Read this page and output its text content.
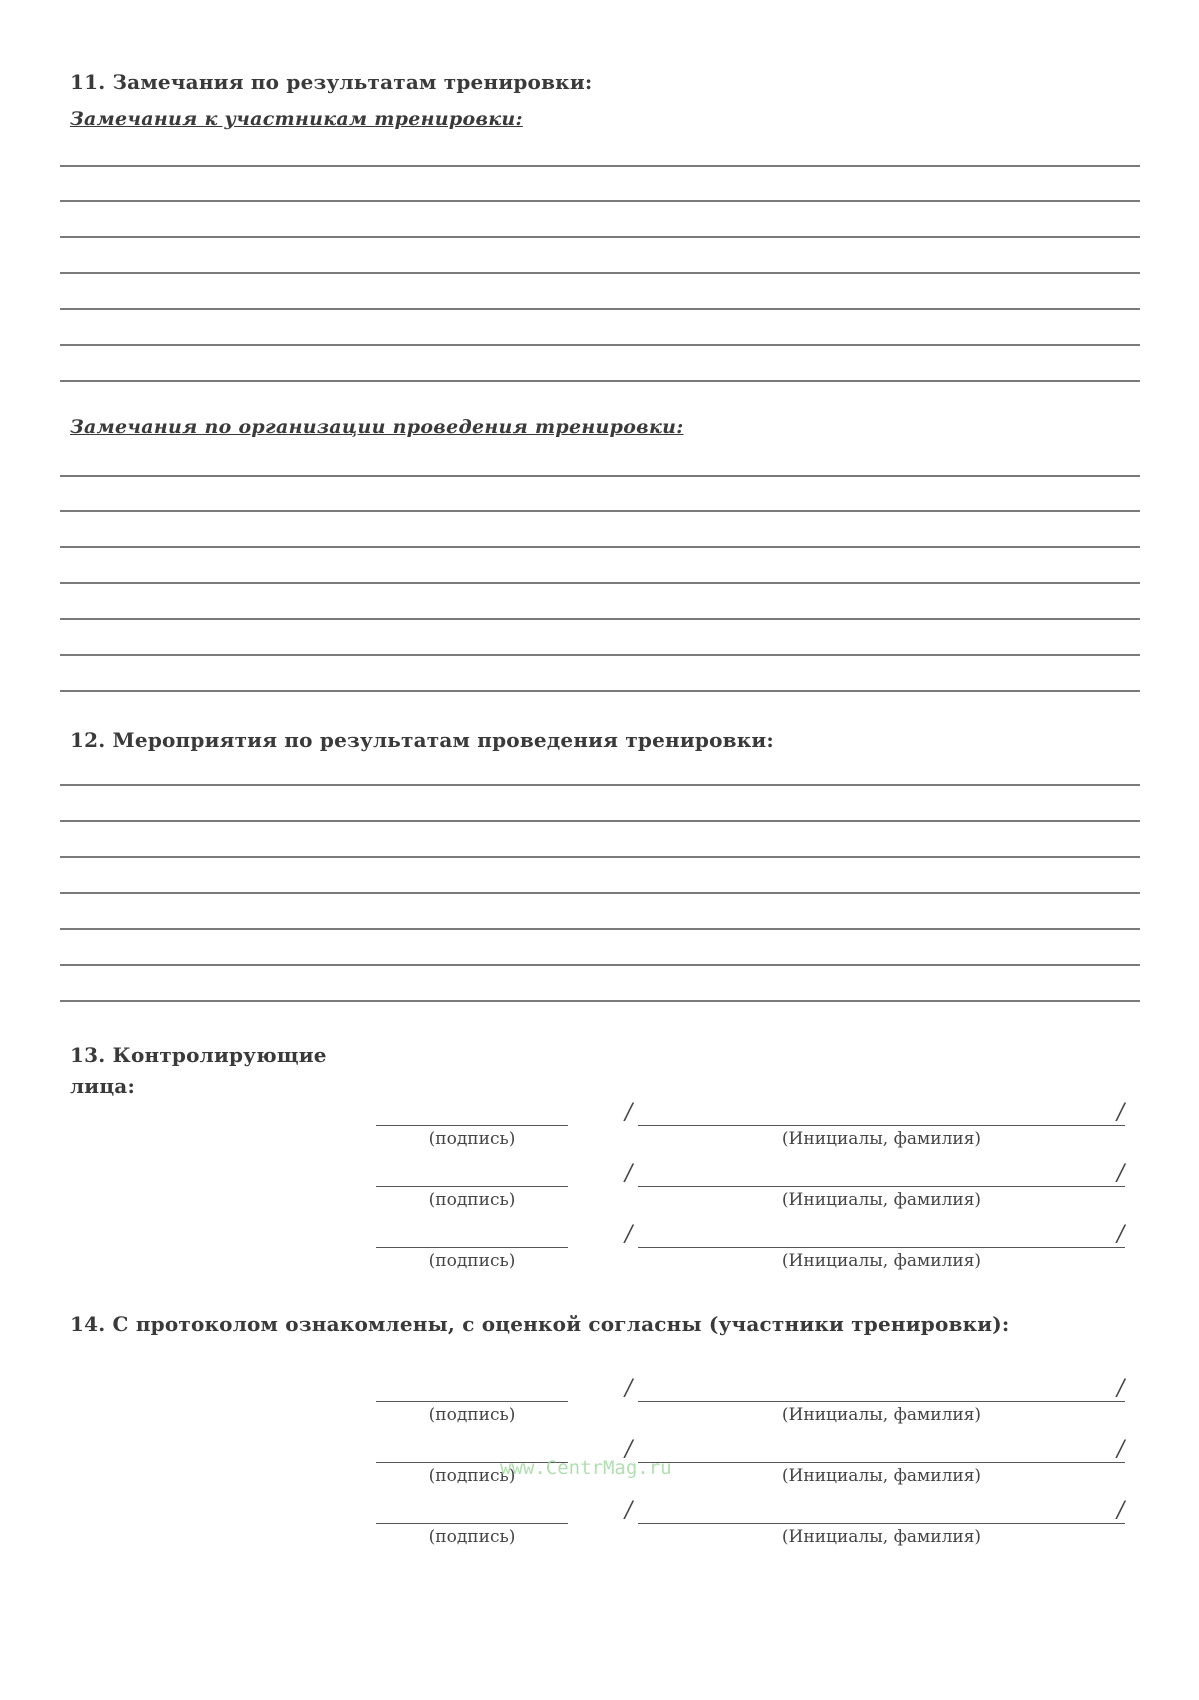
11. Замечания по результатам тренировки:
Замечания к участникам тренировки:
Замечания по организации проведения тренировки:
12. Мероприятия по результатам проведения тренировки:
13. Контролирующие
лица:
/	/
(подпись)	(Инициалы, фамилия)
/	/
(подпись)	(Инициалы, фамилия)
/	/
(подпись)	(Инициалы, фамилия)
14. С протоколом ознакомлены, с оценкой согласны (участники тренировки):
/	/
(подпись)	(Инициалы, фамилия)
/	/
(подпись)	(Инициалы, фамилия)
/	/
(подпись)	(Инициалы, фамилия)
www.CentrMag.ru
